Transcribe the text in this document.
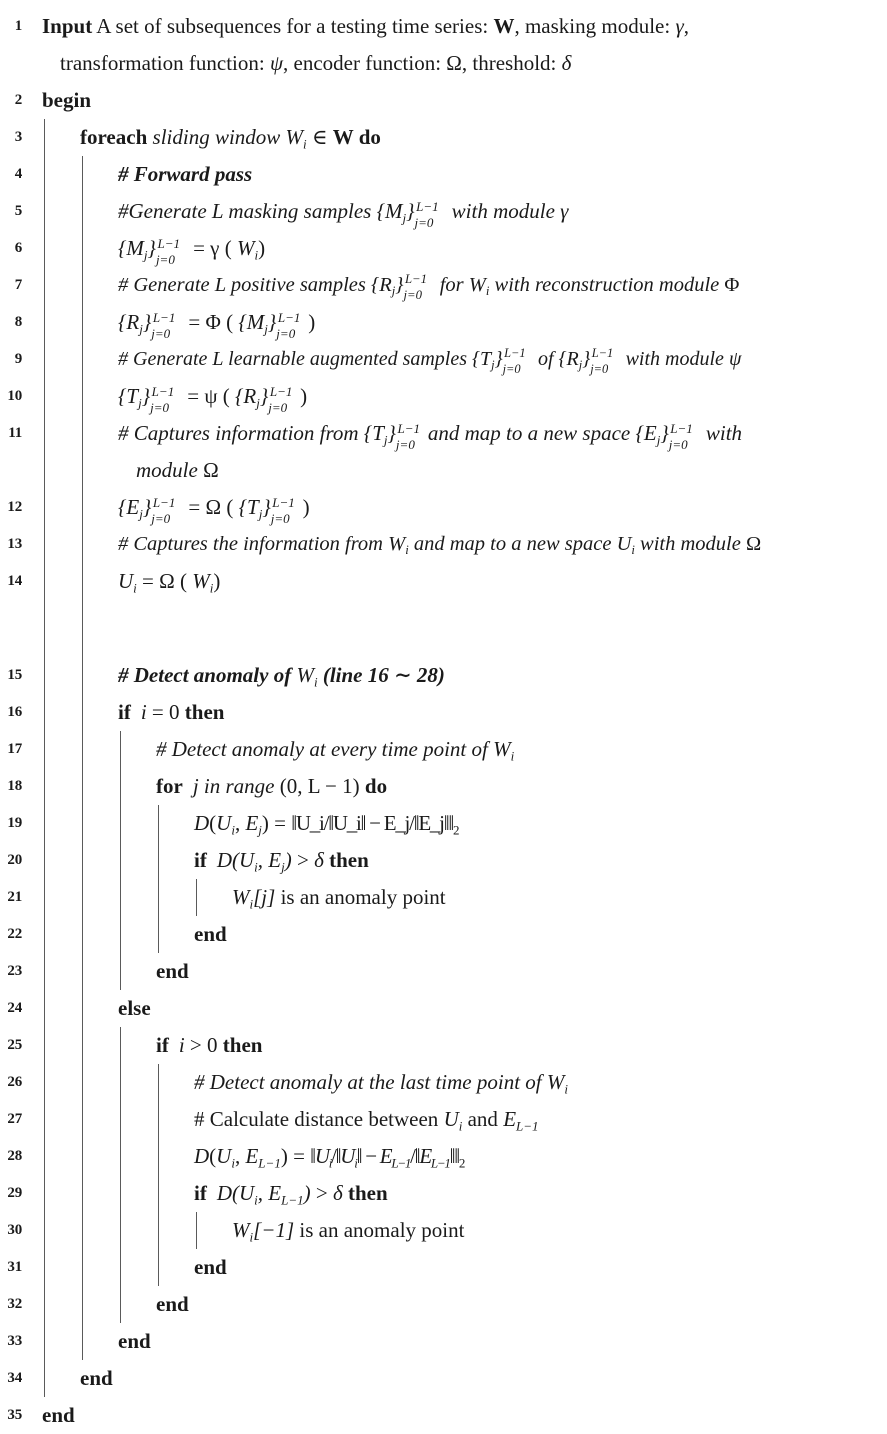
1 Input A set of subsequences for a testing time series: W, masking module: γ,
transformation function: ψ, encoder function: Ω, threshold: δ
2 begin
3	foreach sliding window $W_i$ ∈ W do
4	# Forward pass
5	#Generate L masking samples $\{M_j\}$ L−1
j=0 with module γ
6	$\{M_j\}$ L−1
j=0 = γ ( $W_i$)
7	# Generate L positive samples $\{R_j\}$ L−1
j=0 for $W_i$ with reconstruction module Φ
8	$\{R_j\}$ L−1
j=0 = Φ ( $\{M_j\}$ L−1
j=0 )
9	# Generate L learnable augmented samples $\{T_j\}$ L−1
j=0 of $\{R_j\}$ L−1
j=0 with module ψ
10	$\{T_j\}$ L−1
j=0 = ψ ( $\{R_j\}$ L−1
j=0 )
11	# Captures information from $\{T_j\}$ L−1
j=0 and map to a new space $\{E_j\}$ L−1
j=0 with
module Ω
12	$\{E_j\}$ L−1
j=0 = Ω ( $\{T_j\}$ L−1
j=0 )
13	# Captures the information from $W_i$ and map to a new space $U_i$ with module Ω
14	$U_i = \Omega$ ( $W_i$)
15	# Detect anomaly of $W_i$ (line 16 ∼ 28)
16	if i = 0 then
17	# Detect anomaly at every time point of $W_i$
18	for j in range (0, L − 1) do
19	$D(U_i$, $E_j$) = ‖U_i/‖U_i‖ − $E\_j/‖E\_j‖‖_2$
20	if $D(U_i$, $E_j) > \delta$ then
21	$W_i[j]$ is an anomaly point
22	end
23	end
24	else
25	if i > 0 then
26	# Detect anomaly at the last time point of $W_i$
27	# Calculate distance between $U_i$ and $E_{L-1}$
28	$D(U_i$, $E_{L-1}$) = $‖U_i/‖U_i‖$ − $E_{L-1}/‖E_{L-1}‖‖_2$
29	if $D(U_i$, $E_{L-1}) > \delta$ then
30	$W_i[-1]$ is an anomaly point
31	end
32	end
33	end
34	end
35 end
